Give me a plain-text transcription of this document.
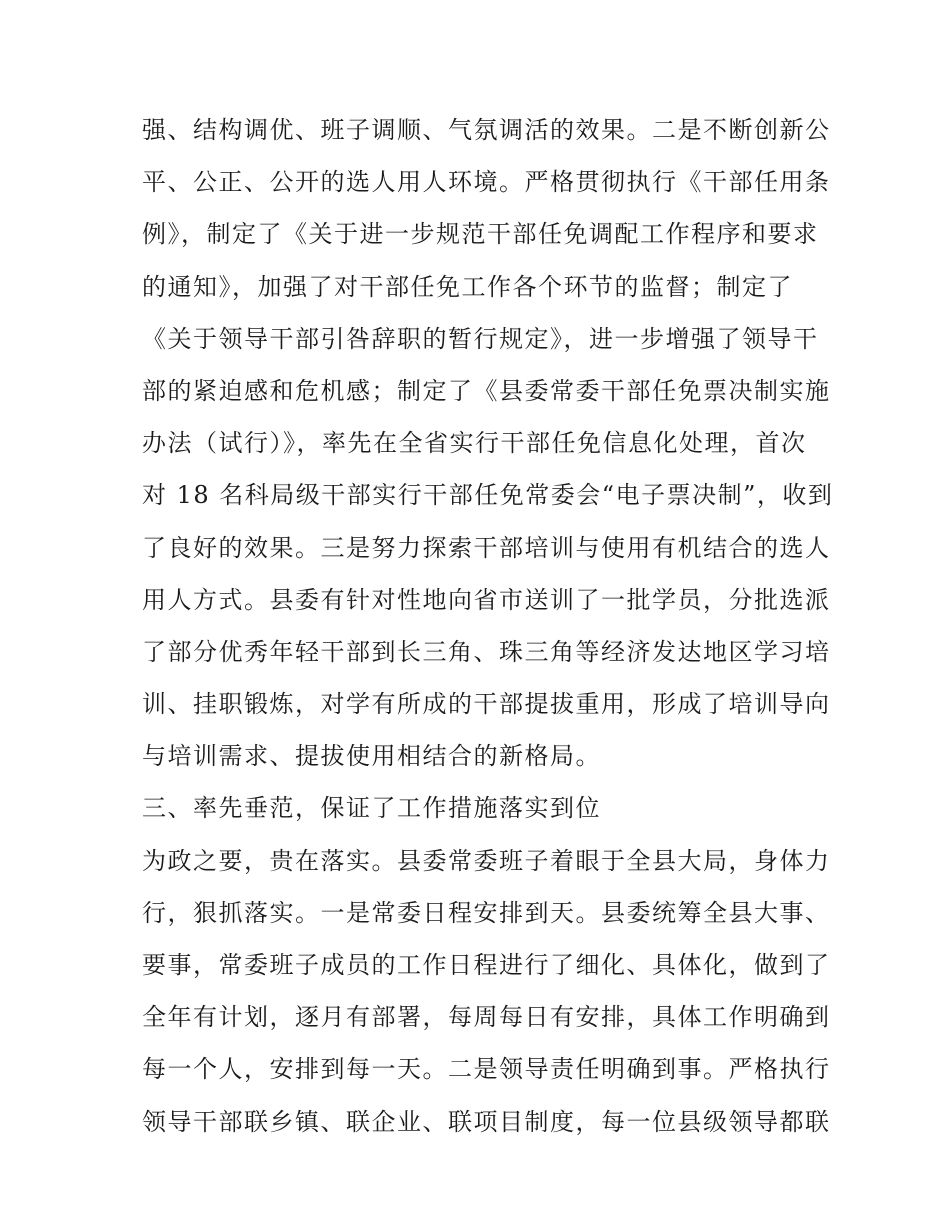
强、结构调优、班子调顺、气氛调活的效果。二是不断创新公
平、公正、公开的选人用人环境。严格贯彻执行《干部任用条
例》，制定了《关于进一步规范干部任免调配工作程序和要求
的通知》，加强了对干部任免工作各个环节的监督；制定了
《关于领导干部引咎辞职的暂行规定》，进一步增强了领导干
部的紧迫感和危机感；制定了《县委常委干部任免票决制实施
办法（试行）》，率先在全省实行干部任免信息化处理，首次
对 18 名科局级干部实行干部任免常委会“电子票决制”，收到
了良好的效果。三是努力探索干部培训与使用有机结合的选人
用人方式。县委有针对性地向省市送训了一批学员，分批选派
了部分优秀年轻干部到长三角、珠三角等经济发达地区学习培
训、挂职锻炼，对学有所成的干部提拔重用，形成了培训导向
与培训需求、提拔使用相结合的新格局。
三、率先垂范，保证了工作措施落实到位
为政之要，贵在落实。县委常委班子着眼于全县大局，身体力
行，狠抓落实。一是常委日程安排到天。县委统筹全县大事、
要事，常委班子成员的工作日程进行了细化、具体化，做到了
全年有计划，逐月有部署，每周每日有安排，具体工作明确到
每一个人，安排到每一天。二是领导责任明确到事。严格执行
领导干部联乡镇、联企业、联项目制度，每一位县级领导都联
